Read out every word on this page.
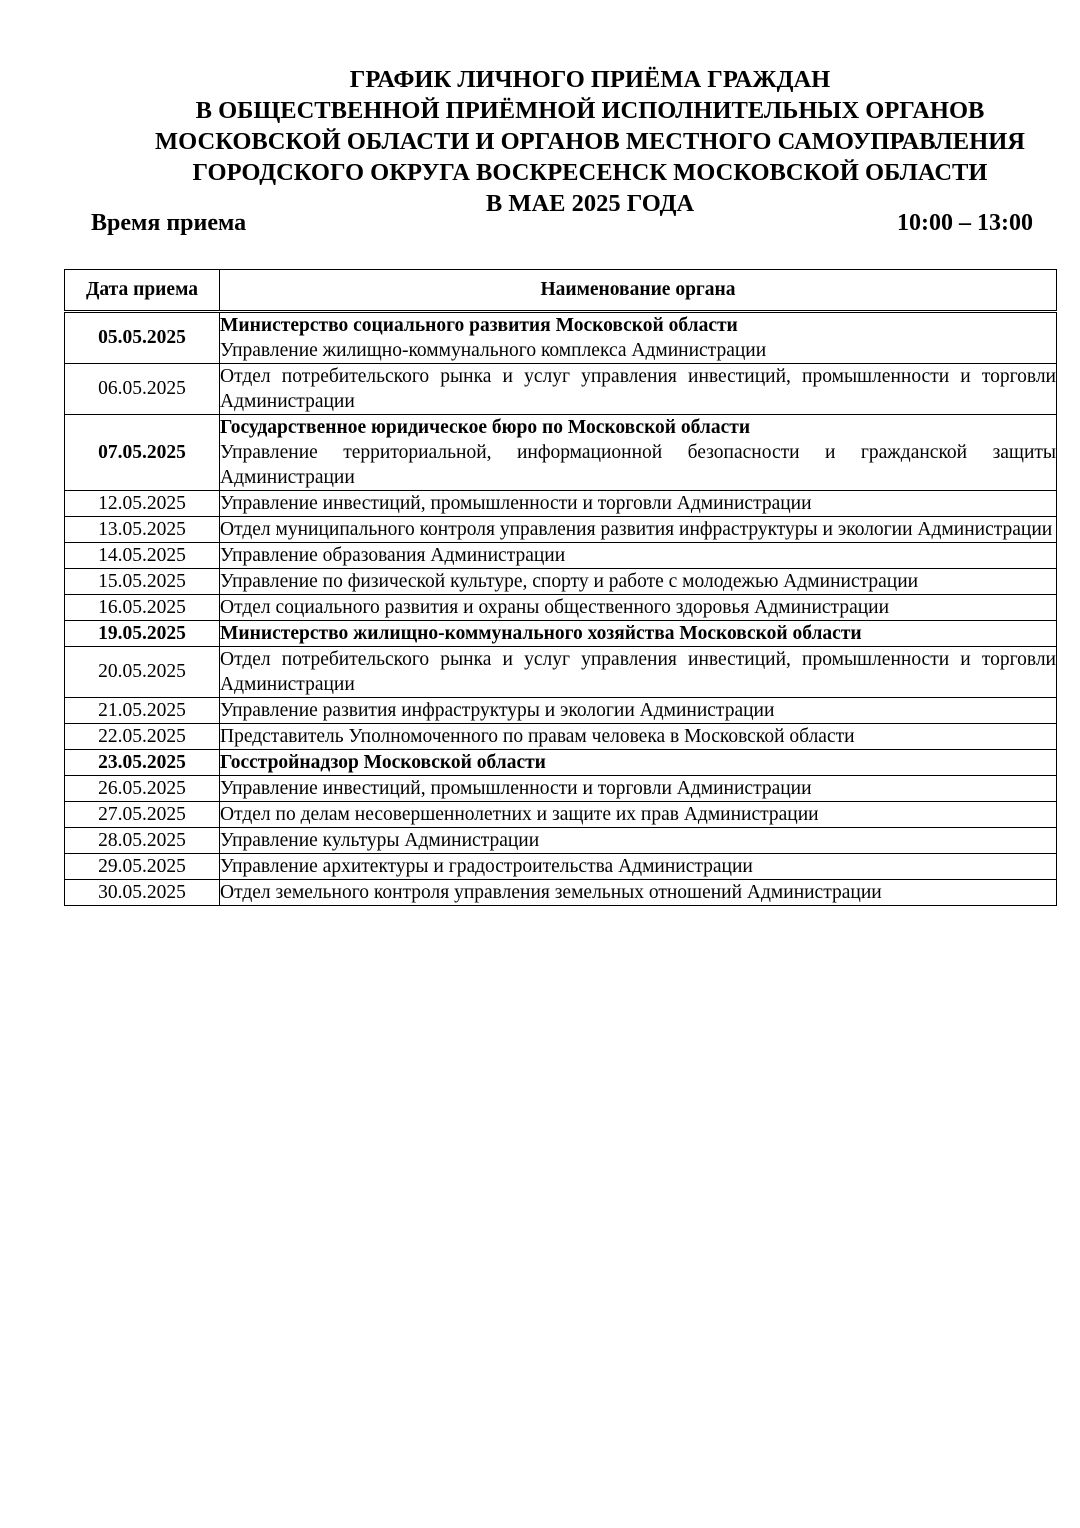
ГРАФИК ЛИЧНОГО ПРИЁМА ГРАЖДАН
В ОБЩЕСТВЕННОЙ ПРИЁМНОЙ ИСПОЛНИТЕЛЬНЫХ ОРГАНОВ
МОСКОВСКОЙ ОБЛАСТИ И ОРГАНОВ МЕСТНОГО САМОУПРАВЛЕНИЯ
ГОРОДСКОГО ОКРУГА ВОСКРЕСЕНСК МОСКОВСКОЙ ОБЛАСТИ
В МАЕ 2025 ГОДА
Время приема	10:00 – 13:00
Дата приема	Наименование органа
05.05.2025	Министерство социального развития Московской области
Управление жилищно-коммунального комплекса Администрации

06.05.2025	Отдел потребительского рынка и услуг управления инвестиций, промышленности и торговли Администрации

07.05.2025	Государственное юридическое бюро по Московской области
Управление территориальной, информационной безопасности и гражданской защиты Администрации

12.05.2025	Управление инвестиций, промышленности и торговли Администрации

13.05.2025	Отдел муниципального контроля управления развития инфраструктуры и экологии Администрации

14.05.2025	Управление образования Администрации

15.05.2025	Управление по физической культуре, спорту и работе с молодежью Администрации

16.05.2025	Отдел социального развития и охраны общественного здоровья Администрации

19.05.2025	Министерство жилищно-коммунального хозяйства Московской области

20.05.2025	Отдел потребительского рынка и услуг управления инвестиций, промышленности и торговли Администрации

21.05.2025	Управление развития инфраструктуры и экологии Администрации

22.05.2025	Представитель Уполномоченного по правам человека в Московской области

23.05.2025	Госстройнадзор Московской области

26.05.2025	Управление инвестиций, промышленности и торговли Администрации

27.05.2025	Отдел по делам несовершеннолетних и защите их прав Администрации

28.05.2025	Управление культуры Администрации

29.05.2025	Управление архитектуры и градостроительства Администрации

30.05.2025	Отдел земельного контроля управления земельных отношений Администрации
